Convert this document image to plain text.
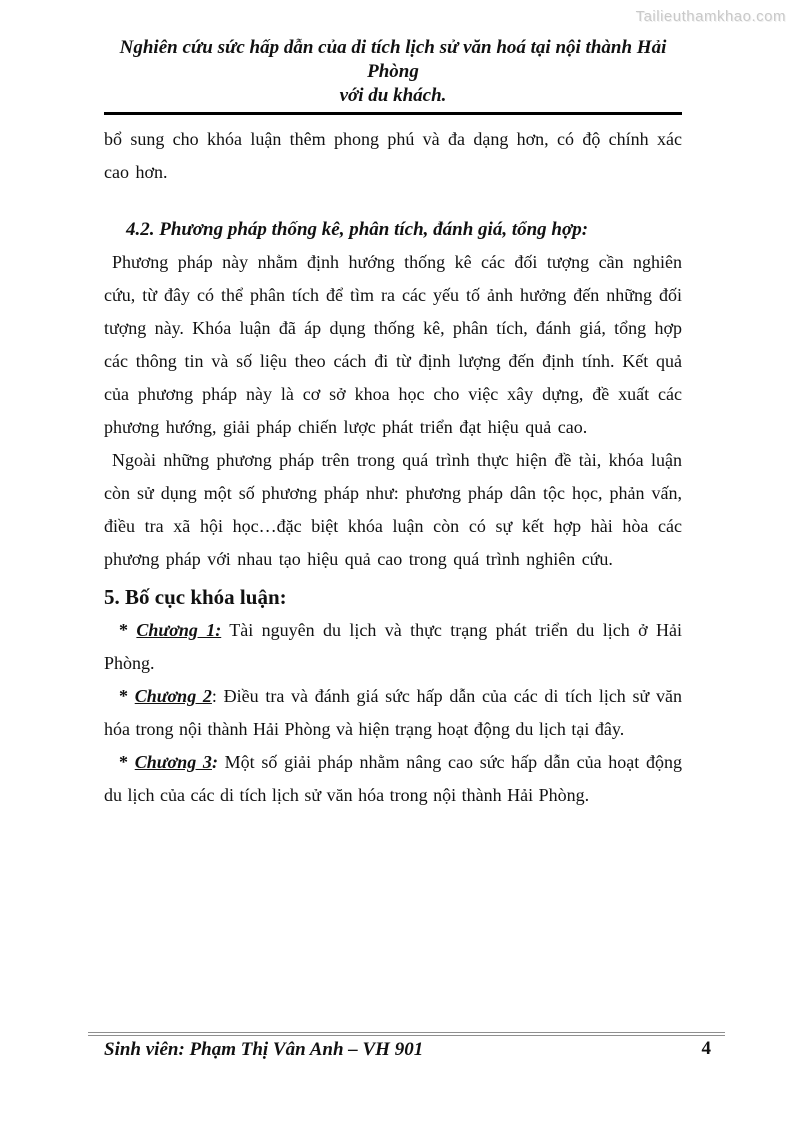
Tailieuthamkhao.com
Nghiên cứu sức hấp dẫn của di tích lịch sử văn hoá tại nội thành Hải Phòng
với du khách.

bổ sung cho khóa luận thêm phong phú và đa dạng hơn, có độ chính xác cao hơn.

4.2. Phương pháp thống kê, phân tích, đánh giá, tổng hợp:

Phương pháp này nhằm định hướng thống kê các đối tượng cần nghiên cứu, từ đây có thể phân tích để tìm ra các yếu tố ảnh hưởng đến những đối tượng này. Khóa luận đã áp dụng thống kê, phân tích, đánh giá, tổng hợp các thông tin và số liệu theo cách đi từ định lượng đến định tính. Kết quả của phương pháp này là cơ sở khoa học cho việc xây dựng, đề xuất các phương hướng, giải pháp chiến lược phát triển đạt hiệu quả cao.

Ngoài những phương pháp trên trong quá trình thực hiện đề tài, khóa luận còn sử dụng một số phương pháp như: phương pháp dân tộc học, phản vấn, điều tra xã hội học…đặc biệt khóa luận còn có sự kết hợp hài hòa các phương pháp với nhau tạo hiệu quả cao trong quá trình nghiên cứu.

5. Bố cục khóa luận:

* Chương 1: Tài nguyên du lịch và thực trạng phát triển du lịch ở Hải Phòng.

* Chương 2: Điều tra và đánh giá sức hấp dẫn của các di tích lịch sử văn hóa trong nội thành Hải Phòng và hiện trạng hoạt động du lịch tại đây.

* Chương 3: Một số giải pháp nhằm nâng cao sức hấp dẫn của hoạt động du lịch của các di tích lịch sử văn hóa trong nội thành Hải Phòng.

Sinh viên: Phạm Thị Vân Anh – VH 901	4
